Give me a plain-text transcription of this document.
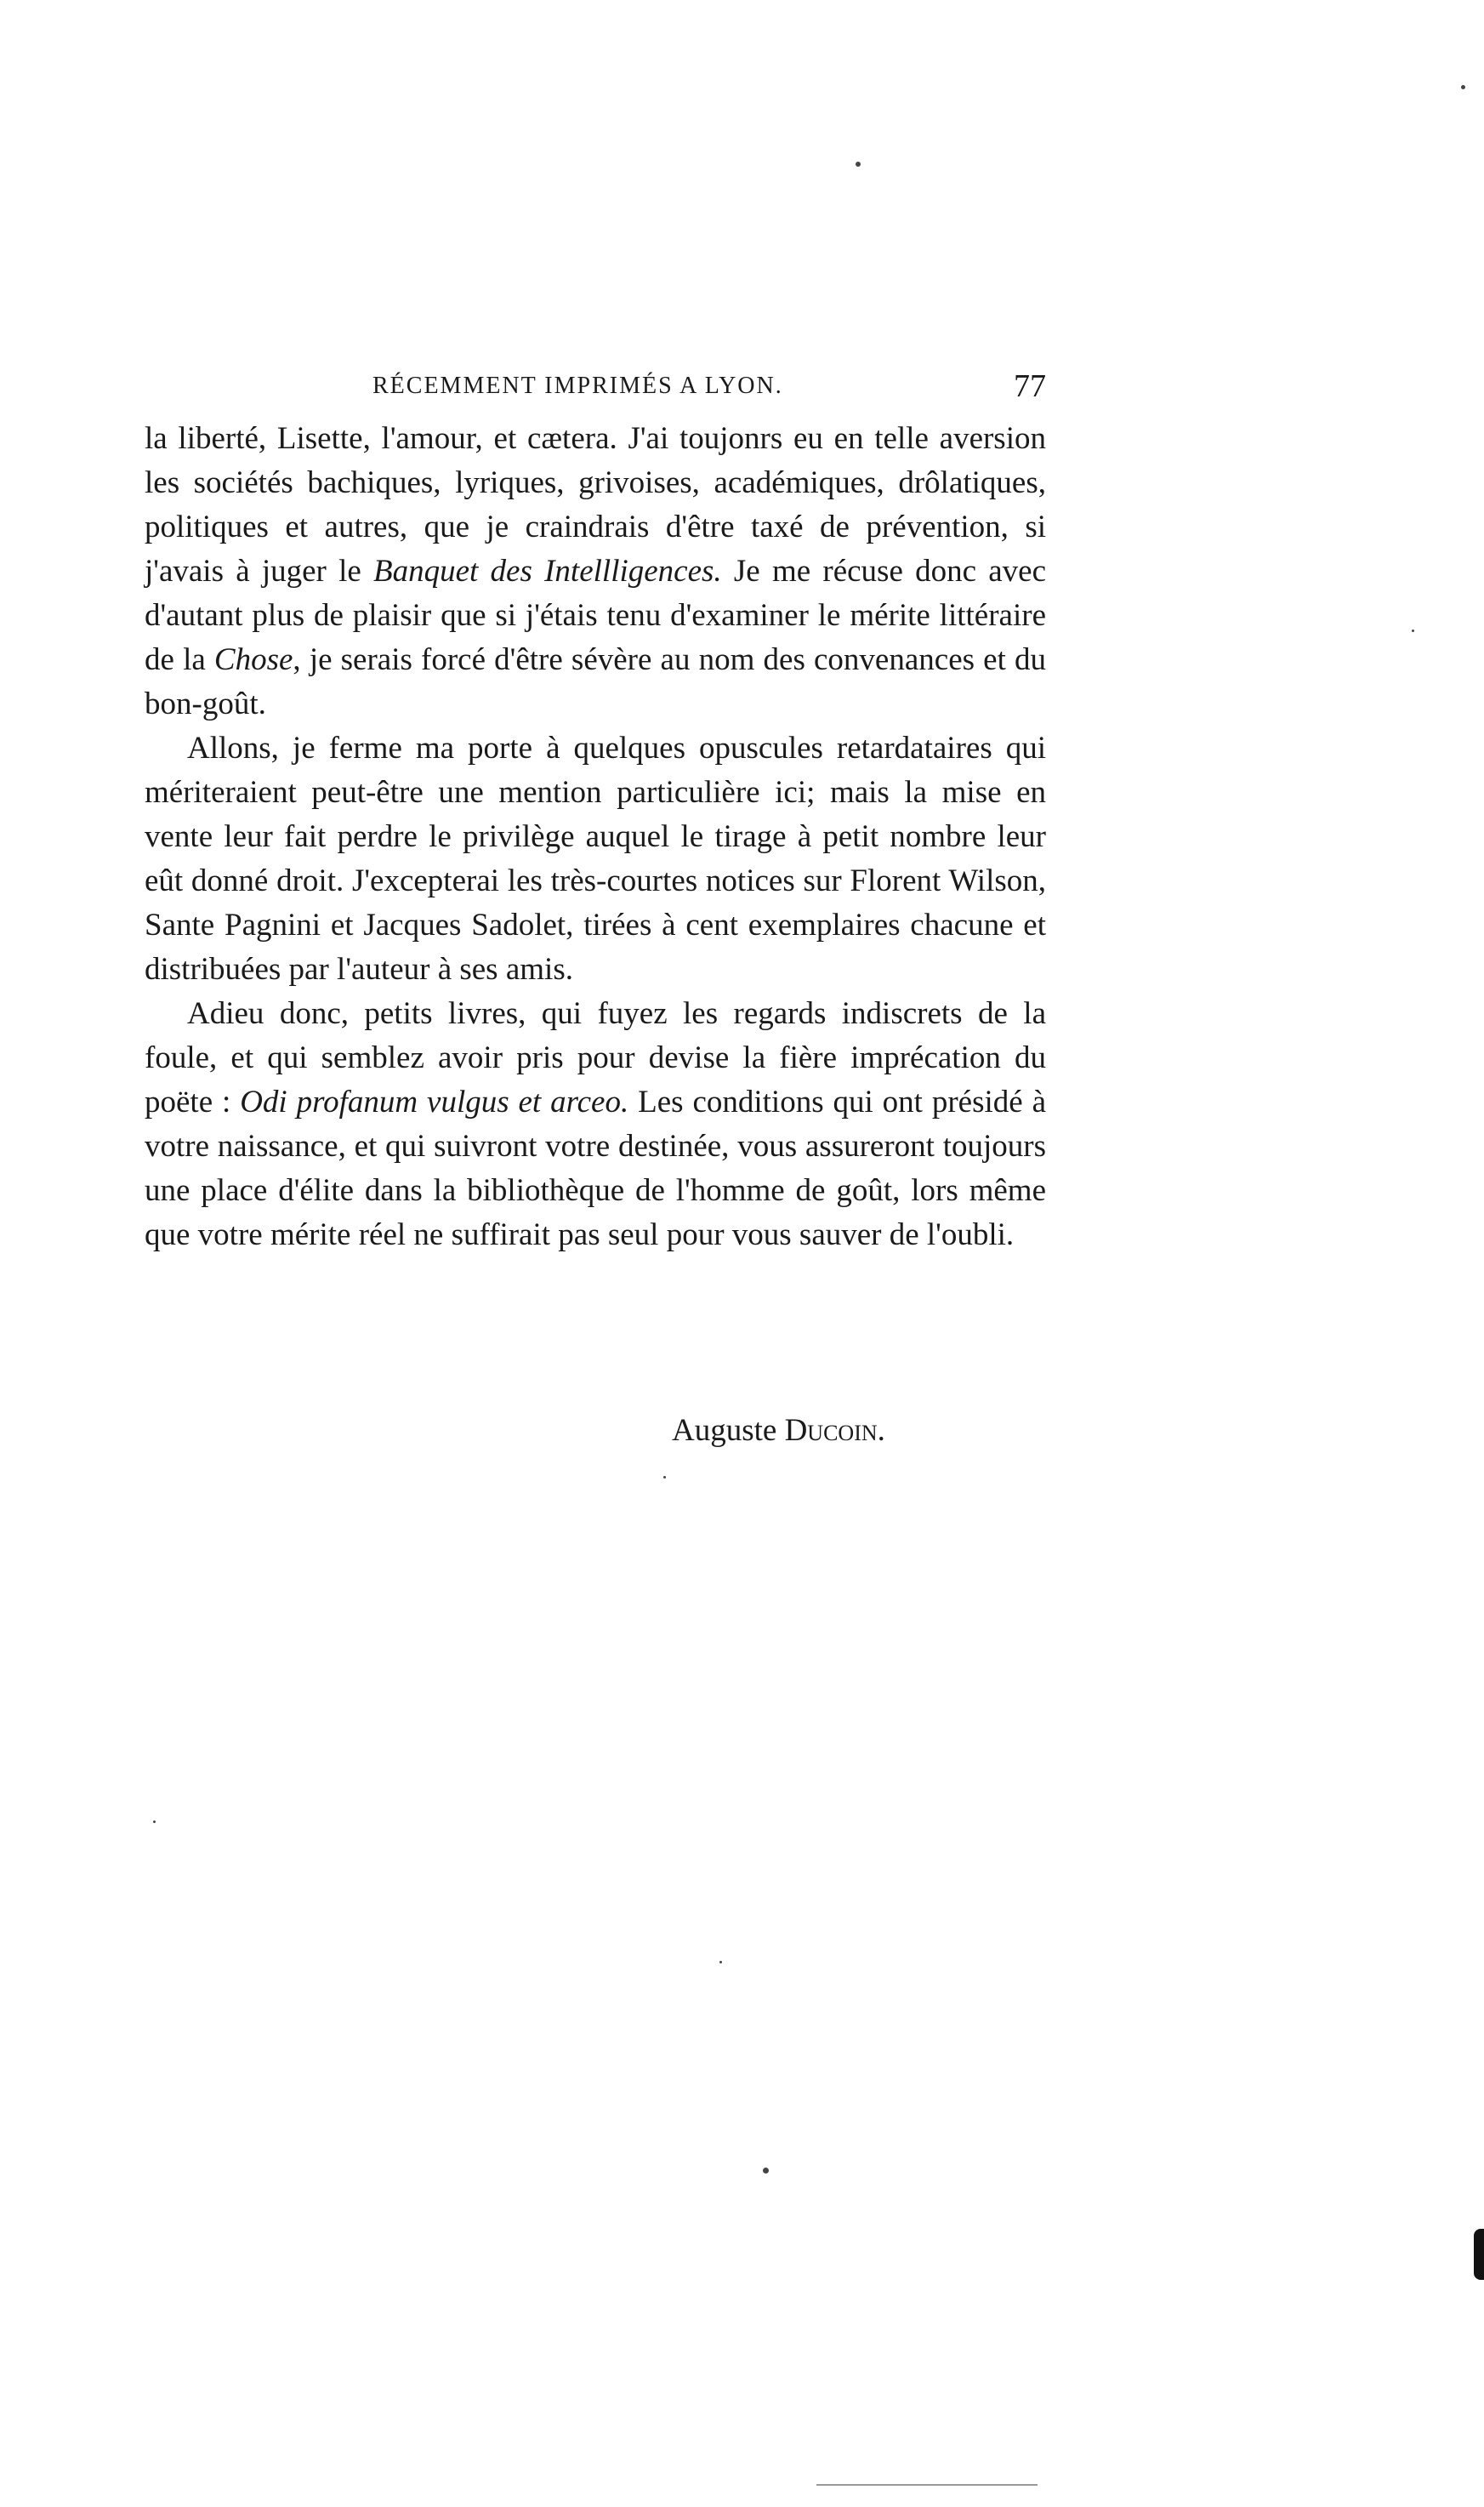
RÉCEMMENT IMPRIMÉS A LYON.	77

la liberté, Lisette, l'amour, et cætera. J'ai toujonrs eu en telle aversion les sociétés bachiques, lyriques, grivoises, académiques, drôlatiques, politiques et autres, que je craindrais d'être taxé de prévention, si j'avais à juger le Banquet des Intellligences. Je me récuse donc avec d'autant plus de plaisir que si j'étais tenu d'examiner le mérite littéraire de la Chose, je serais forcé d'être sévère au nom des convenances et du bon-goût.

Allons, je ferme ma porte à quelques opuscules retardataires qui mériteraient peut-être une mention particulière ici; mais la mise en vente leur fait perdre le privilège auquel le tirage à petit nombre leur eût donné droit. J'excepterai les très-courtes notices sur Florent Wilson, Sante Pagnini et Jacques Sadolet, tirées à cent exemplaires chacune et distribuées par l'auteur à ses amis.

Adieu donc, petits livres, qui fuyez les regards indiscrets de la foule, et qui semblez avoir pris pour devise la fière imprécation du poëte : Odi profanum vulgus et arceo. Les conditions qui ont présidé à votre naissance, et qui suivront votre destinée, vous assureront toujours une place d'élite dans la bibliothèque de l'homme de goût, lors même que votre mérite réel ne suffirait pas seul pour vous sauver de l'oubli.

Auguste Ducoin.
